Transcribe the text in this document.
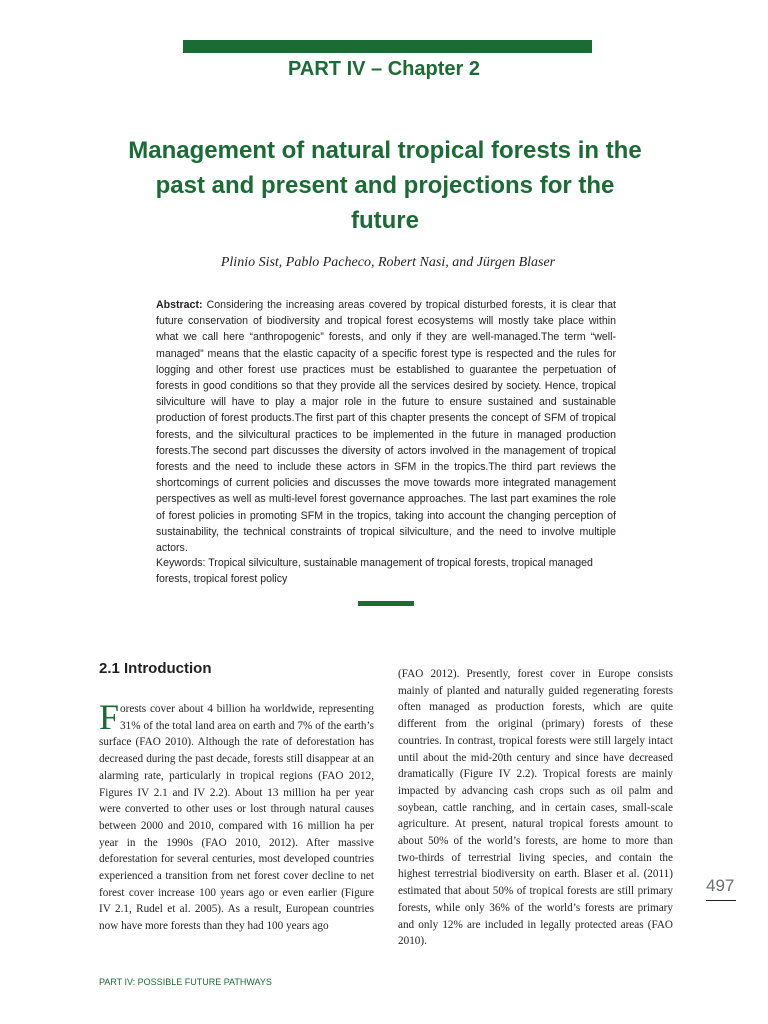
PART IV – Chapter 2
Management of natural tropical forests in the past and present and projections for the future
Plinio Sist, Pablo Pacheco, Robert Nasi, and Jürgen Blaser
Abstract: Considering the increasing areas covered by tropical disturbed forests, it is clear that future conservation of biodiversity and tropical forest ecosystems will mostly take place within what we call here “anthropogenic” forests, and only if they are well-managed.The term “well-managed” means that the elastic capacity of a specific forest type is respected and the rules for logging and other forest use practices must be established to guarantee the perpetuation of forests in good conditions so that they provide all the services desired by society. Hence, tropical silviculture will have to play a major role in the future to ensure sustained and sustainable production of forest products.The first part of this chapter presents the concept of SFM of tropical forests, and the silvicultural practices to be implemented in the future in managed production forests.The second part discusses the diversity of actors involved in the management of tropical forests and the need to include these actors in SFM in the tropics.The third part reviews the shortcomings of current policies and discusses the move towards more integrated management perspectives as well as multi-level forest governance approaches. The last part examines the role of forest policies in promoting SFM in the tropics, taking into account the changing perception of sustainability, the technical constraints of tropical silviculture, and the need to involve multiple actors.
Keywords: Tropical silviculture, sustainable management of tropical forests, tropical managed forests, tropical forest policy
2.1 Introduction
Forests cover about 4 billion ha worldwide, representing 31% of the total land area on earth and 7% of the earth’s surface (FAO 2010). Although the rate of deforestation has decreased during the past decade, forests still disappear at an alarming rate, particularly in tropical regions (FAO 2012, Figures IV 2.1 and IV 2.2). About 13 million ha per year were converted to other uses or lost through natural causes between 2000 and 2010, compared with 16 million ha per year in the 1990s (FAO 2010, 2012). After massive deforestation for several centuries, most developed countries experienced a transition from net forest cover decline to net forest cover increase 100 years ago or even earlier (Figure IV 2.1, Rudel et al. 2005). As a result, European countries now have more forests than they had 100 years ago
(FAO 2012). Presently, forest cover in Europe consists mainly of planted and naturally guided regenerating forests often managed as production forests, which are quite different from the original (primary) forests of these countries. In contrast, tropical forests were still largely intact until about the mid-20th century and since have decreased dramatically (Figure IV 2.2). Tropical forests are mainly impacted by advancing cash crops such as oil palm and soybean, cattle ranching, and in certain cases, small-scale agriculture. At present, natural tropical forests amount to about 50% of the world’s forests, are home to more than two-thirds of terrestrial living species, and contain the highest terrestrial biodiversity on earth. Blaser et al. (2011) estimated that about 50% of tropical forests are still primary forests, while only 36% of the world’s forests are primary and only 12% are included in legally protected areas (FAO 2010).
497
PART IV: POSSIBLE FUTURE PATHWAYS
